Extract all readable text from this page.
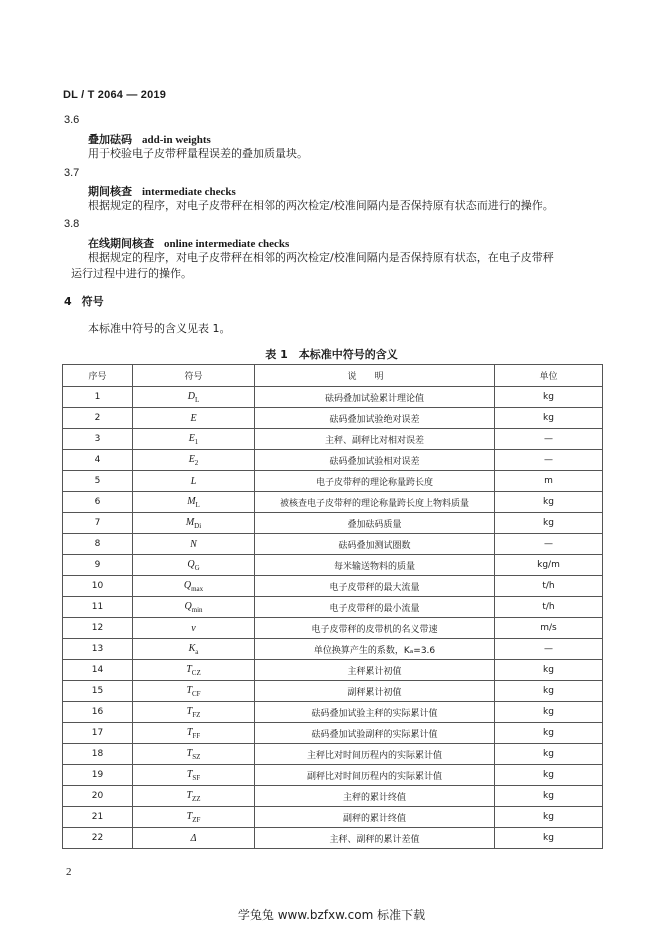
DL / T 2064 — 2019
3.6
叠加砝码 add-in weights
用于校验电子皮带秤量程误差的叠加质量块。
3.7
期间核查 intermediate checks
根据规定的程序，对电子皮带秤在相邻的两次检定/校准间隔内是否保持原有状态而进行的操作。
3.8
在线期间核查 online intermediate checks
根据规定的程序，对电子皮带秤在相邻的两次检定/校准间隔内是否保持原有状态，在电子皮带秤
运行过程中进行的操作。
4 符号
本标准中符号的含义见表 1。
表 1　本标准中符号的含义
序号	符号	说明	单位
1	$D_L$	砝码叠加试验累计理论值	kg
2	E	砝码叠加试验绝对误差	kg
3	$E_1$	主秤、副秤比对相对误差	—
4	$E_2$	砝码叠加试验相对误差	—
5	L	电子皮带秤的理论称量跨长度	m
6	$M_L$	被核查电子皮带秤的理论称量跨长度上物料质量	kg
7	$M_{Di}$	叠加砝码质量	kg
8	N	砝码叠加测试圈数	—
9	$Q_G$	每米输送物料的质量	kg/m
10	$Q_{max}$	电子皮带秤的最大流量	t/h
11	$Q_{min}$	电子皮带秤的最小流量	t/h
12	v	电子皮带秤的皮带机的名义带速	m/s
13	$K_a$	单位换算产生的系数，Kₐ=3.6	—
14	$T_{CZ}$	主秤累计初值	kg
15	$T_{CF}$	副秤累计初值	kg
16	$T_{FZ}$	砝码叠加试验主秤的实际累计值	kg
17	$T_{FF}$	砝码叠加试验副秤的实际累计值	kg
18	$T_{SZ}$	主秤比对时间历程内的实际累计值	kg
19	$T_{SF}$	副秤比对时间历程内的实际累计值	kg
20	$T_{ZZ}$	主秤的累计终值	kg
21	$T_{ZF}$	副秤的累计终值	kg
22	Δ	主秤、副秤的累计差值	kg
2
学兔兔 www.bzfxw.com 标准下载
